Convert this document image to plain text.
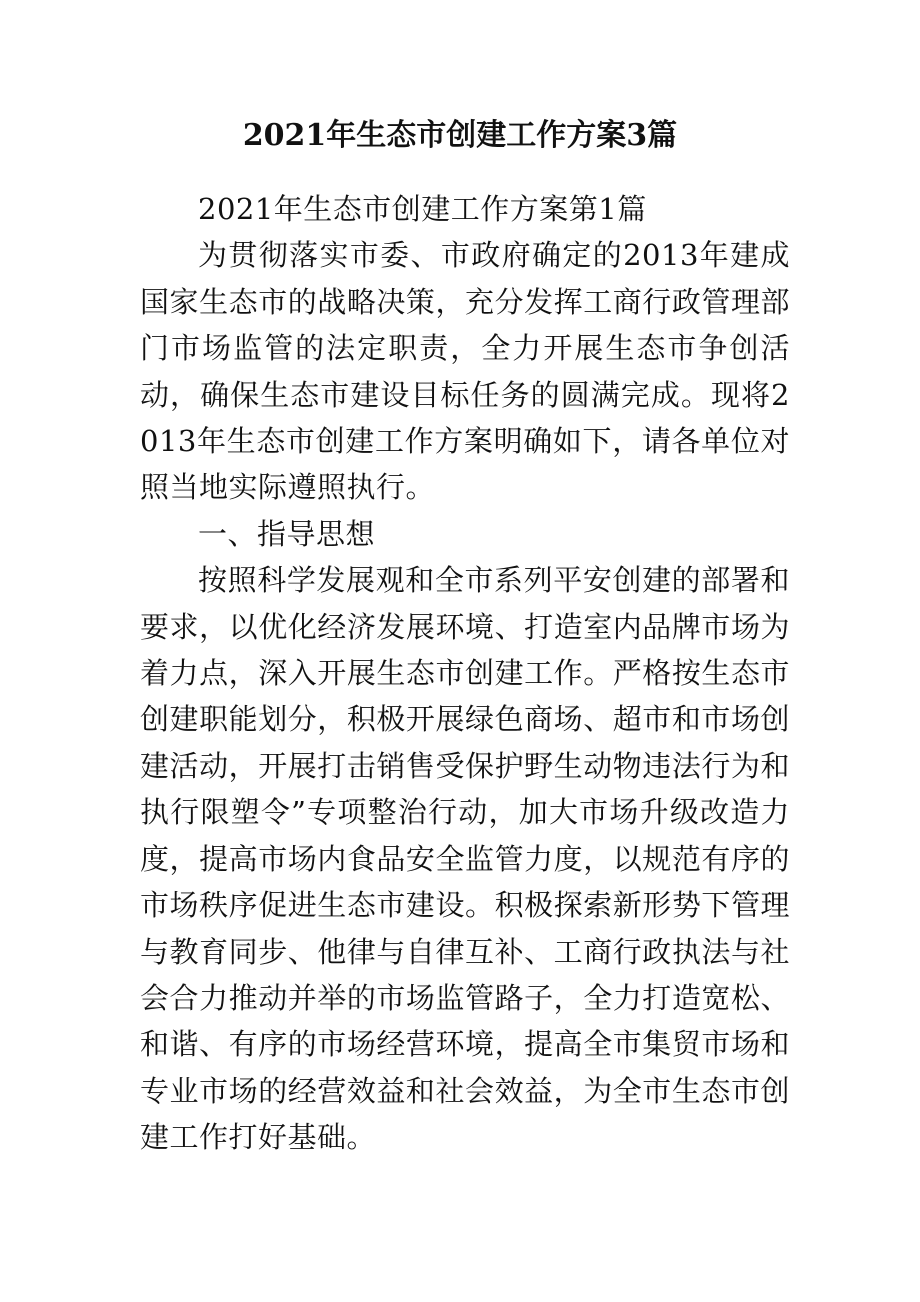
2021年生态市创建工作方案3篇

2021年生态市创建工作方案第1篇

为贯彻落实市委、市政府确定的2013年建成国家生态市的战略决策，充分发挥工商行政管理部门市场监管的法定职责，全力开展生态市争创活动，确保生态市建设目标任务的圆满完成。现将2013年生态市创建工作方案明确如下，请各单位对照当地实际遵照执行。

一、指导思想

按照科学发展观和全市系列平安创建的部署和要求，以优化经济发展环境、打造室内品牌市场为着力点，深入开展生态市创建工作。严格按生态市创建职能划分，积极开展绿色商场、超市和市场创建活动，开展打击销售受保护野生动物违法行为和执行限塑令”专项整治行动，加大市场升级改造力度，提高市场内食品安全监管力度，以规范有序的市场秩序促进生态市建设。积极探索新形势下管理与教育同步、他律与自律互补、工商行政执法与社会合力推动并举的市场监管路子，全力打造宽松、和谐、有序的市场经营环境，提高全市集贸市场和专业市场的经营效益和社会效益，为全市生态市创建工作打好基础。
